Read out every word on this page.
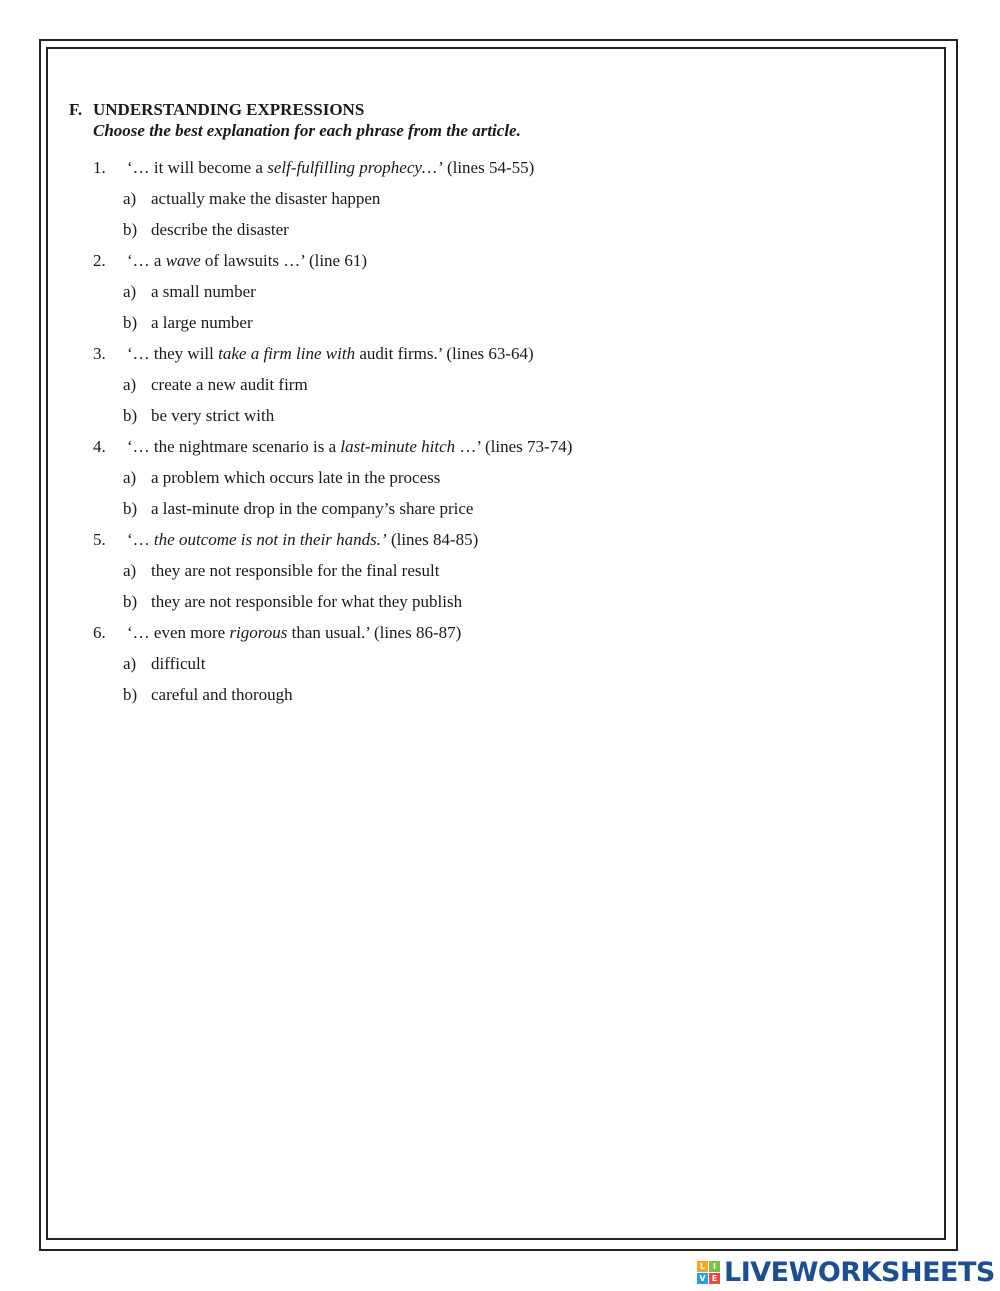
F. UNDERSTANDING EXPRESSIONS
Choose the best explanation for each phrase from the article.
1.	‘… it will become a self-fulfilling prophecy…’ (lines 54-55)
a) actually make the disaster happen
b) describe the disaster
2.	‘… a wave of lawsuits …’ (line 61)
a) a small number
b) a large number
3.	‘… they will take a firm line with audit firms.’ (lines 63-64)
a) create a new audit firm
b) be very strict with
4.	‘… the nightmare scenario is a last-minute hitch …’ (lines 73-74)
a) a problem which occurs late in the process
b) a last-minute drop in the company’s share price
5.	‘… the outcome is not in their hands.’ (lines 84-85)
a) they are not responsible for the final result
b) they are not responsible for what they publish
6.	‘… even more rigorous than usual.’ (lines 86-87)
a) difficult
b) careful and thorough
L I
V E LIVEWORKSHEETS
